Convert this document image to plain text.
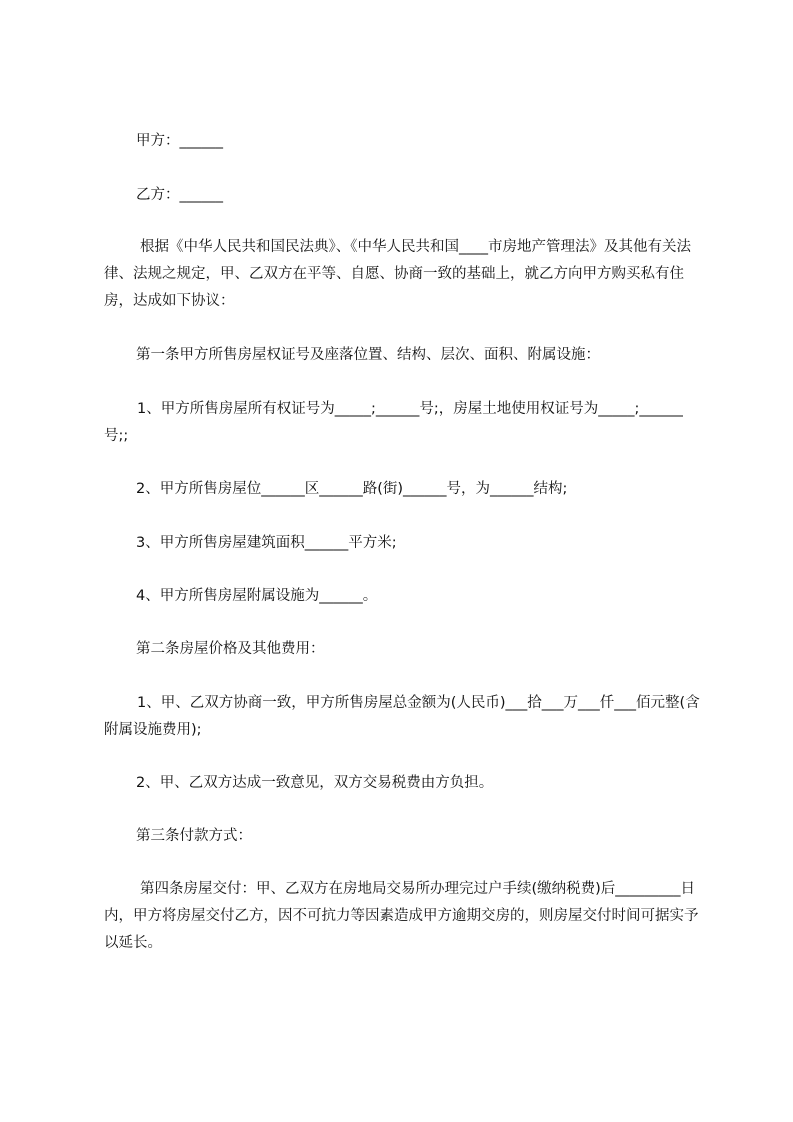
甲方：______

乙方：______

根据《中华人民共和国民法典》、《中华人民共和国____市房地产管理法》及其他有关法律、法规之规定，甲、乙双方在平等、自愿、协商一致的基础上，就乙方向甲方购买私有住房，达成如下协议：

第一条甲方所售房屋权证号及座落位置、结构、层次、面积、附属设施：

1、甲方所售房屋所有权证号为_____;______号;，房屋土地使用权证号为_____;______号;;

2、甲方所售房屋位______区______路(街)______号，为______结构;

3、甲方所售房屋建筑面积______平方米;

4、甲方所售房屋附属设施为______。

第二条房屋价格及其他费用：

1、甲、乙双方协商一致，甲方所售房屋总金额为(人民币)___拾___万___仟___佰元整(含附属设施费用);

2、甲、乙双方达成一致意见，双方交易税费由方负担。

第三条付款方式：

第四条房屋交付：甲、乙双方在房地局交易所办理完过户手续(缴纳税费)后_________日内，甲方将房屋交付乙方，因不可抗力等因素造成甲方逾期交房的，则房屋交付时间可据实予以延长。
